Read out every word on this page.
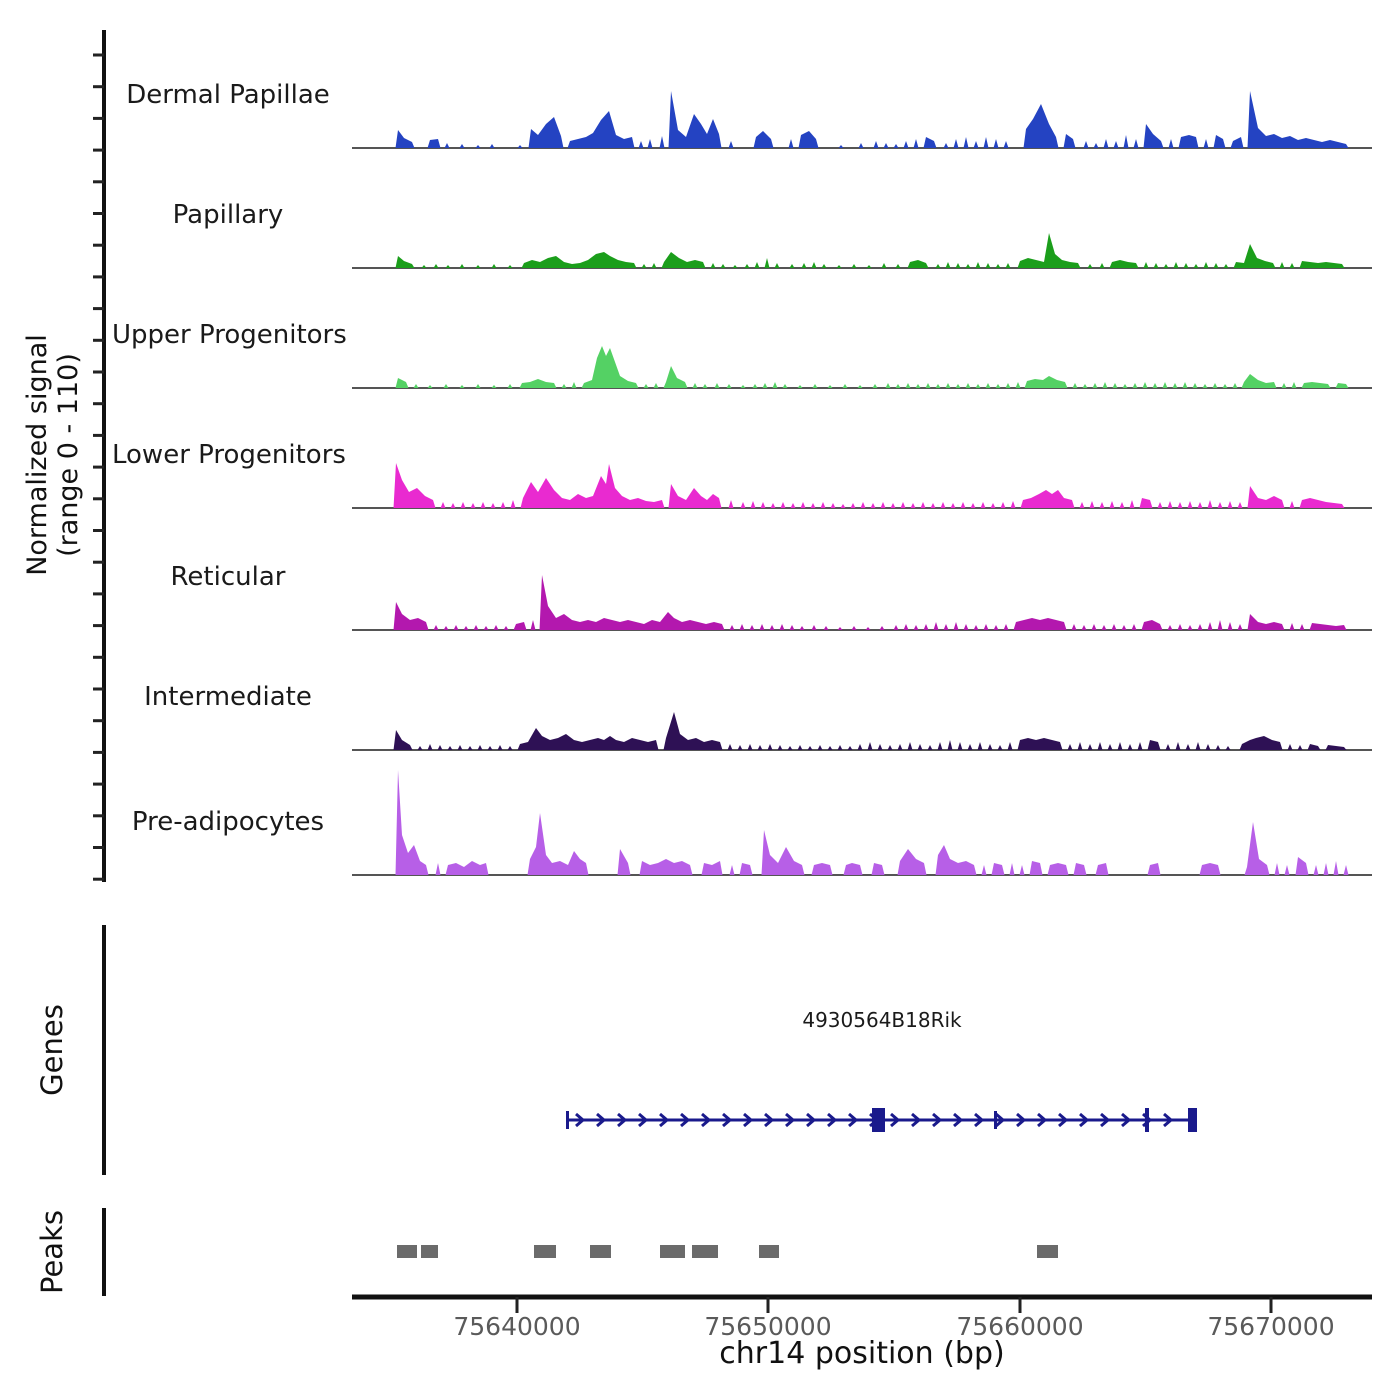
Normalized signal (range 0 - 110)
Dermal Papillae
Papillary
Upper Progenitors
Lower Progenitors
Reticular
Intermediate
Pre-adipocytes
Genes	4930564B18Rik
Peaks
75640000	75650000	75660000	75670000
chr14 position (bp)
